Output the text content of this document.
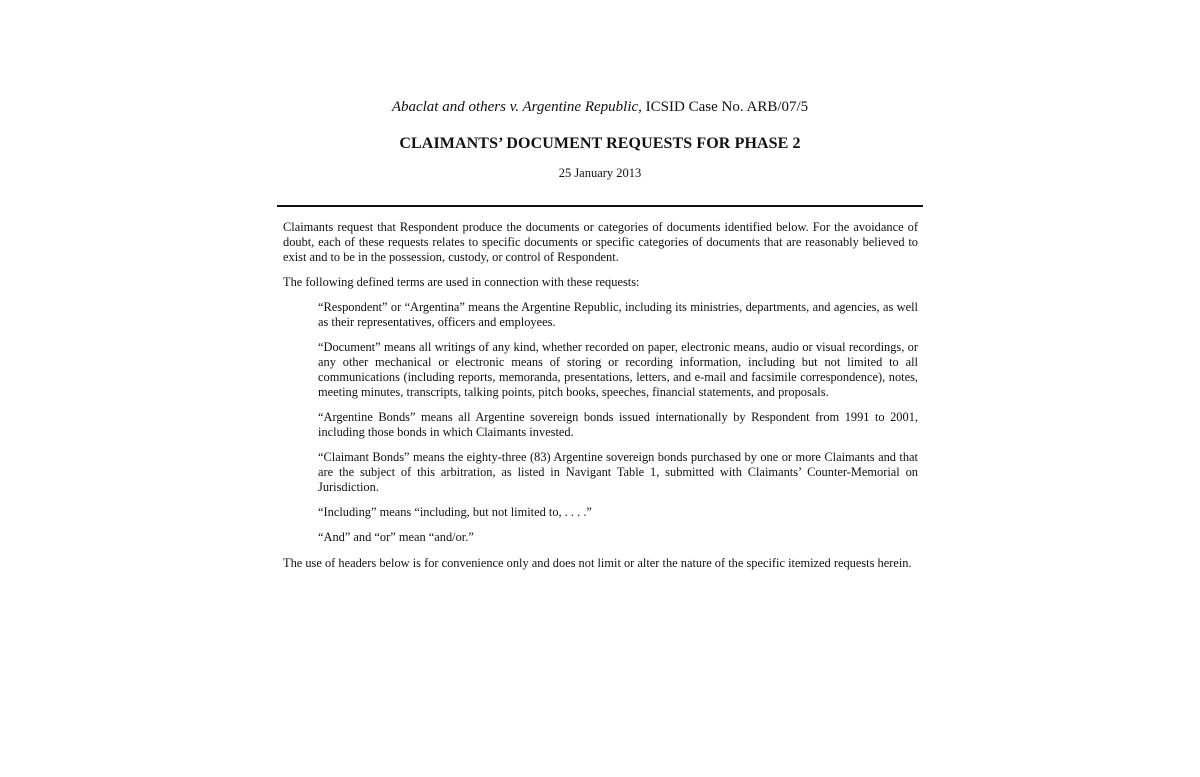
Abaclat and others v. Argentine Republic, ICSID Case No. ARB/07/5
CLAIMANTS’ DOCUMENT REQUESTS FOR PHASE 2
25 January 2013

Claimants request that Respondent produce the documents or categories of documents identified below. For the avoidance of doubt, each of these requests relates to specific documents or specific categories of documents that are reasonably believed to exist and to be in the possession, custody, or control of Respondent.

The following defined terms are used in connection with these requests:

“Respondent” or “Argentina” means the Argentine Republic, including its ministries, departments, and agencies, as well as their representatives, officers and employees.

“Document” means all writings of any kind, whether recorded on paper, electronic means, audio or visual recordings, or any other mechanical or electronic means of storing or recording information, including but not limited to all communications (including reports, memoranda, presentations, letters, and e-mail and facsimile correspondence), notes, meeting minutes, transcripts, talking points, pitch books, speeches, financial statements, and proposals.

“Argentine Bonds” means all Argentine sovereign bonds issued internationally by Respondent from 1991 to 2001, including those bonds in which Claimants invested.

“Claimant Bonds” means the eighty-three (83) Argentine sovereign bonds purchased by one or more Claimants and that are the subject of this arbitration, as listed in Navigant Table 1, submitted with Claimants’ Counter-Memorial on Jurisdiction.

“Including” means “including, but not limited to, . . . .”

“And” and “or” mean “and/or.”

The use of headers below is for convenience only and does not limit or alter the nature of the specific itemized requests herein.
